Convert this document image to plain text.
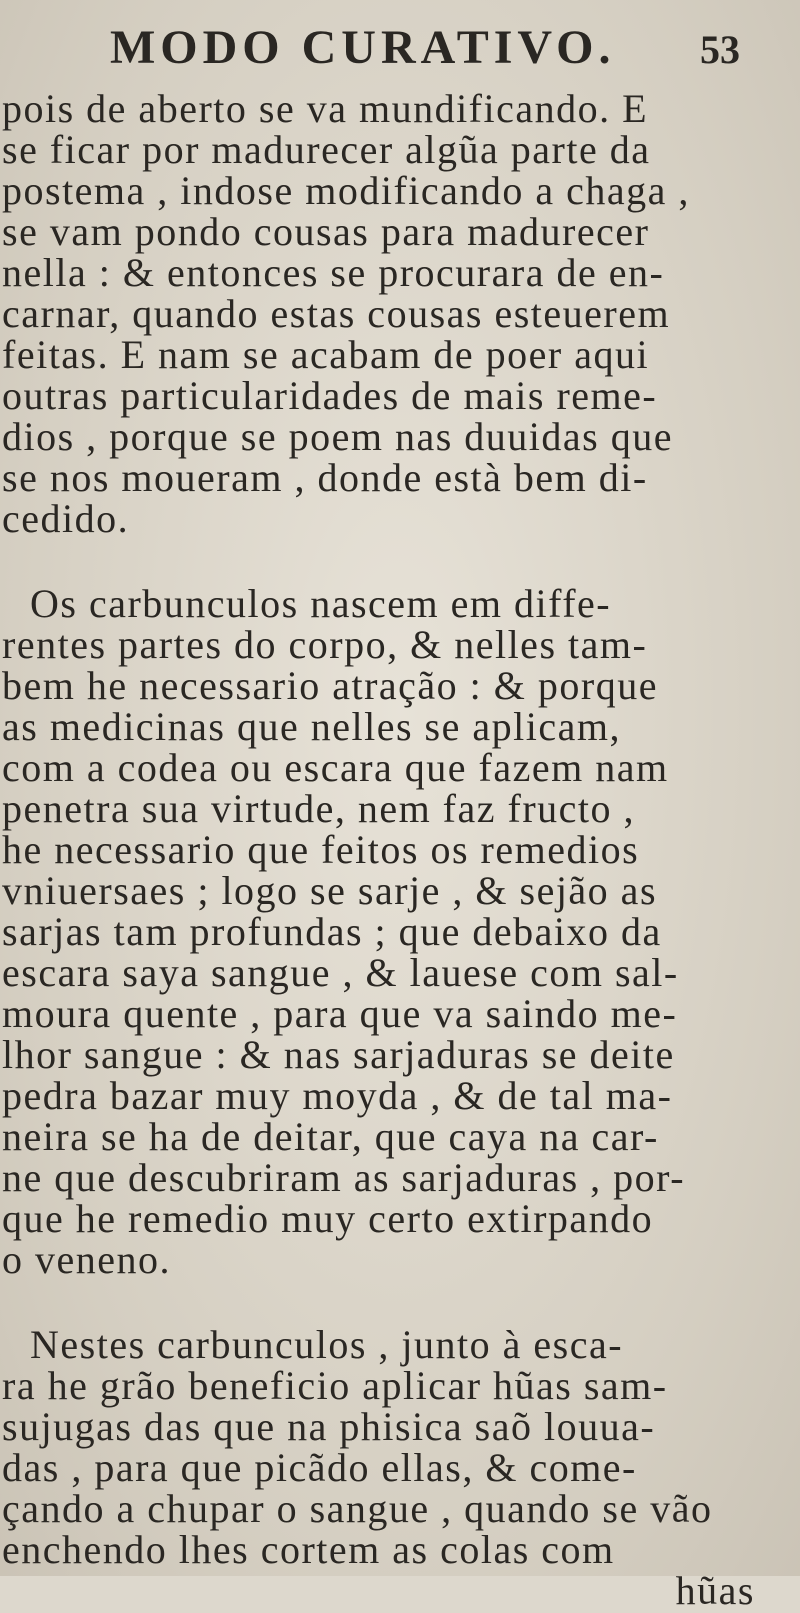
MODO CURATIVO. 53
pois de aberto se va mundificando. E
se ficar por madurecer algũa parte da
postema , indose modificando a chaga ,
se vam pondo cousas para madurecer
nella : & entonces se procurara de en-
carnar, quando estas cousas esteuerem
feitas. E nam se acabam de poer aqui
outras particularidades de mais reme-
dios , porque se poem nas duuidas que
se nos moueram , donde està bem di-
cedido.
Os carbunculos nascem em diffe-
rentes partes do corpo, & nelles tam-
bem he necessario atração : & porque
as medicinas que nelles se aplicam,
com a codea ou escara que fazem nam
penetra sua virtude, nem faz fructo ,
he necessario que feitos os remedios
vniuersaes ; logo se sarje , & sejão as
sarjas tam profundas ; que debaixo da
escara saya sangue , & lauese com sal-
moura quente , para que va saindo me-
lhor sangue : & nas sarjaduras se deite
pedra bazar muy moyda , & de tal ma-
neira se ha de deitar, que caya na car-
ne que descubriram as sarjaduras , por-
que he remedio muy certo extirpando
o veneno.
Nestes carbunculos , junto à esca-
ra he grão beneficio aplicar hũas sam-
sujugas das que na phisica saõ louua-
das , para que picãdo ellas, & come-
çando a chupar o sangue , quando se vão
enchendo lhes cortem as colas com
hũas
